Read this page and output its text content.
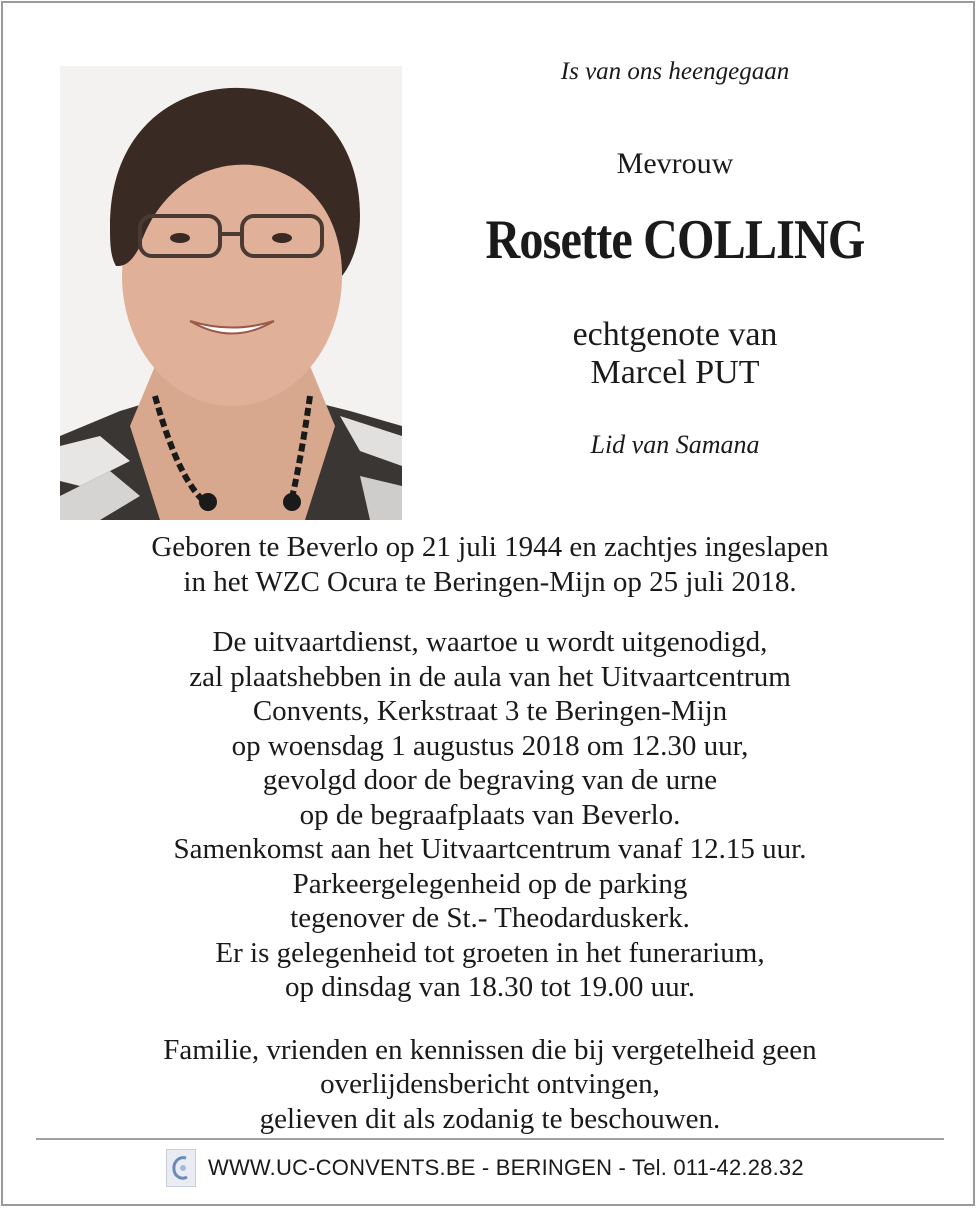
Is van ons heengegaan

Mevrouw
Rosette COLLING
echtgenote van
Marcel PUT
Lid van Samana

Geboren te Beverlo op 21 juli 1944 en zachtjes ingeslapen
in het WZC Ocura te Beringen-Mijn op 25 juli 2018.

De uitvaartdienst, waartoe u wordt uitgenodigd,
zal plaatshebben in de aula van het Uitvaartcentrum
Convents, Kerkstraat 3 te Beringen-Mijn
op woensdag 1 augustus 2018 om 12.30 uur,
gevolgd door de begraving van de urne
op de begraafplaats van Beverlo.
Samenkomst aan het Uitvaartcentrum vanaf 12.15 uur.
Parkeergelegenheid op de parking
tegenover de St.- Theodarduskerk.
Er is gelegenheid tot groeten in het funerarium,
op dinsdag van 18.30 tot 19.00 uur.

Familie, vrienden en kennissen die bij vergetelheid geen
overlijdensbericht ontvingen,
gelieven dit als zodanig te beschouwen.

WWW.UC-CONVENTS.BE - BERINGEN - Tel. 011-42.28.32
